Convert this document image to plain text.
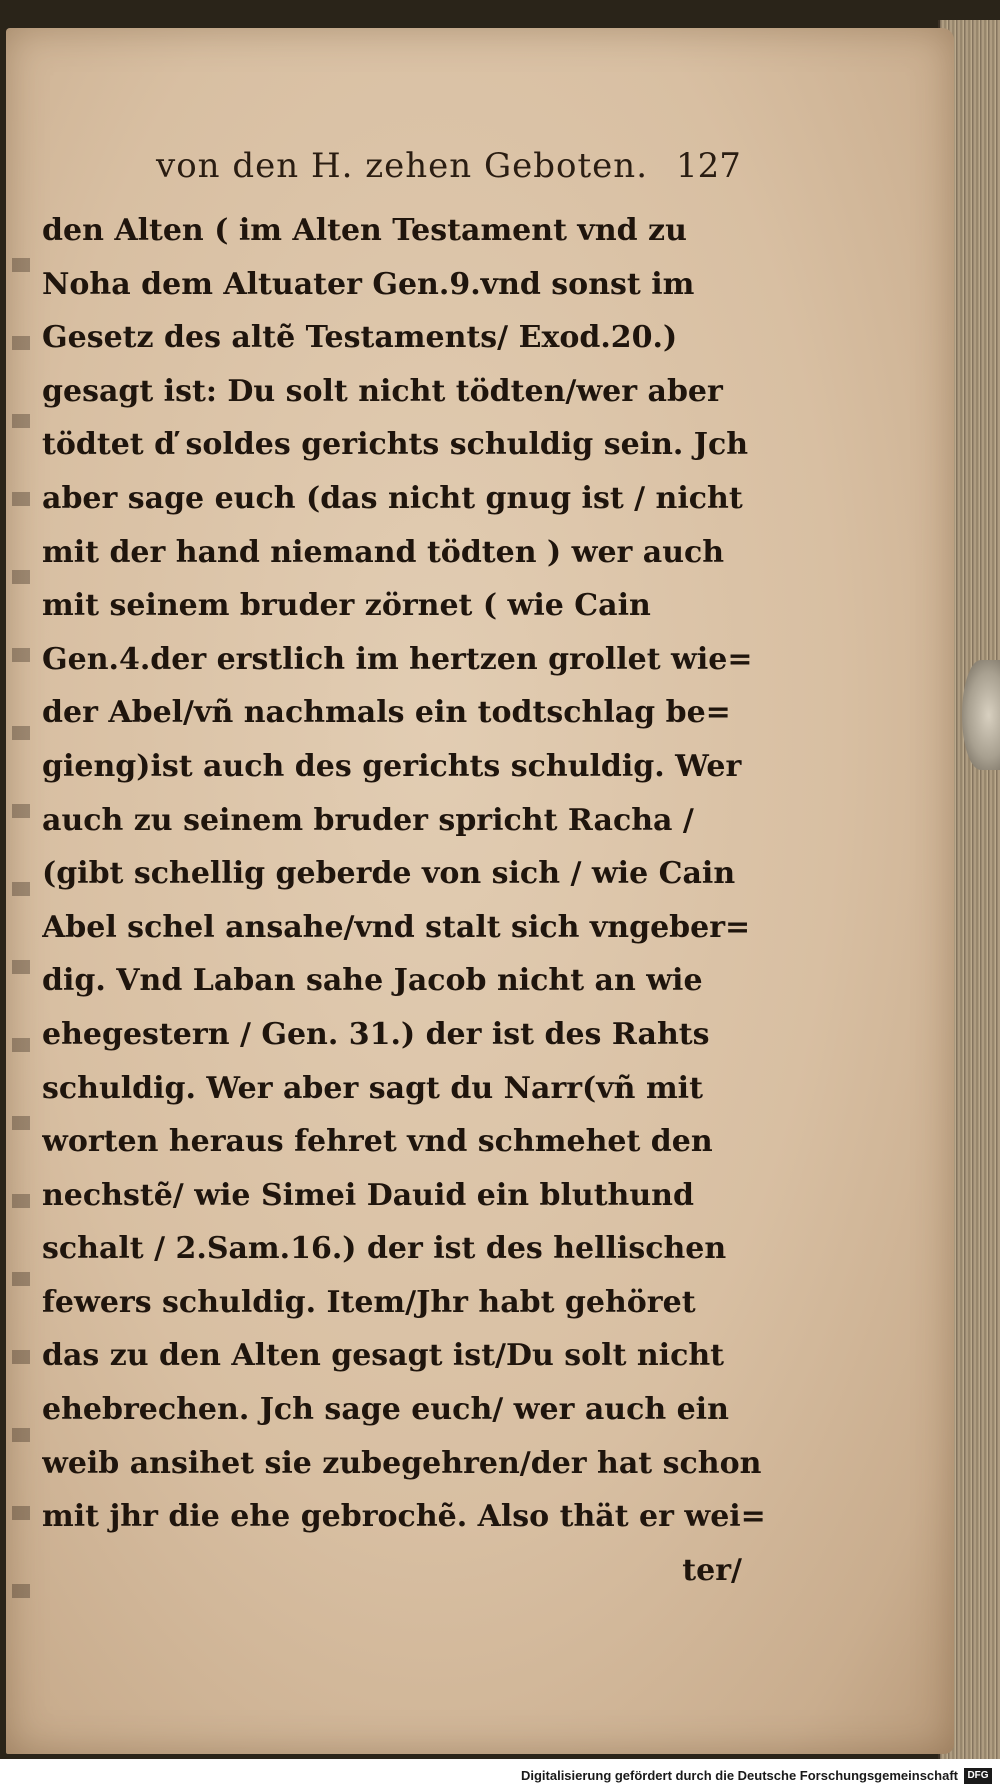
von den H. zehen Geboten. 127
den Alten ( im Alten Testament vnd zu
Noha dem Altuater Gen.9.vnd sonst im
Gesetz des altẽ Testaments/ Exod.20.)
gesagt ist: Du solt nicht tödten/wer aber
tödtet ď soldes gerichts schuldig sein. Jch
aber sage euch (das nicht gnug ist / nicht
mit der hand niemand tödten ) wer auch
mit seinem bruder zörnet ( wie Cain
Gen.4.der erstlich im hertzen grollet wie=
der Abel/vñ nachmals ein todtschlag be=
gieng)ist auch des gerichts schuldig. Wer
auch zu seinem bruder spricht Racha /
(gibt schellig geberde von sich / wie Cain
Abel schel ansahe/vnd stalt sich vngeber=
dig. Vnd Laban sahe Jacob nicht an wie
ehegestern / Gen. 31.) der ist des Rahts
schuldig. Wer aber sagt du Narr(vñ mit
worten heraus fehret vnd schmehet den
nechstẽ/ wie Simei Dauid ein bluthund
schalt / 2.Sam.16.) der ist des hellischen
fewers schuldig. Item/Jhr habt gehöret
das zu den Alten gesagt ist/Du solt nicht
ehebrechen. Jch sage euch/ wer auch ein
weib ansihet sie zubegehren/der hat schon
mit jhr die ehe gebrochẽ. Also thät er wei=
ter/
Digitalisierung gefördert durch die Deutsche Forschungsgemeinschaft DFG
